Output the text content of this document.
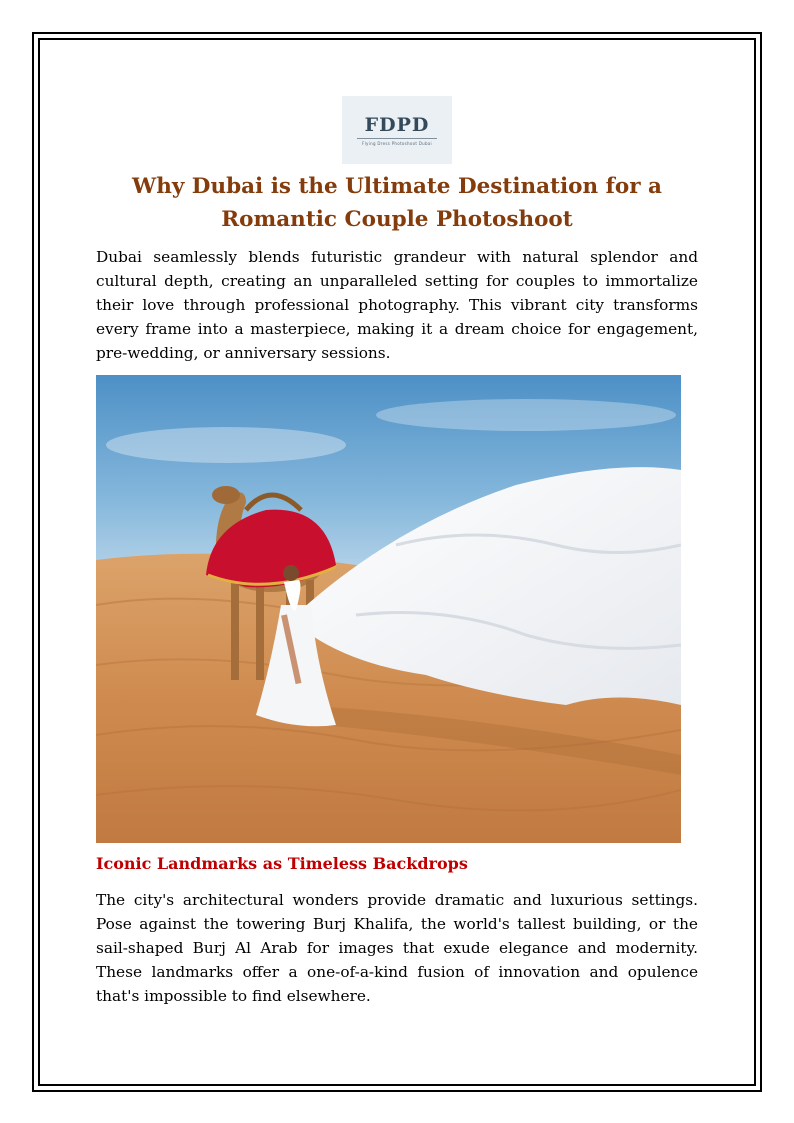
FDPD
Flying Dress Photoshoot Dubai
Why Dubai is the Ultimate Destination for a Romantic Couple Photoshoot

Dubai seamlessly blends futuristic grandeur with natural splendor and cultural depth, creating an unparalleled setting for couples to immortalize their love through professional photography. This vibrant city transforms every frame into a masterpiece, making it a dream choice for engagement, pre-wedding, or anniversary sessions.

Iconic Landmarks as Timeless Backdrops

The city's architectural wonders provide dramatic and luxurious settings. Pose against the towering Burj Khalifa, the world's tallest building, or the sail-shaped Burj Al Arab for images that exude elegance and modernity. These landmarks offer a one-of-a-kind fusion of innovation and opulence that's impossible to find elsewhere.
